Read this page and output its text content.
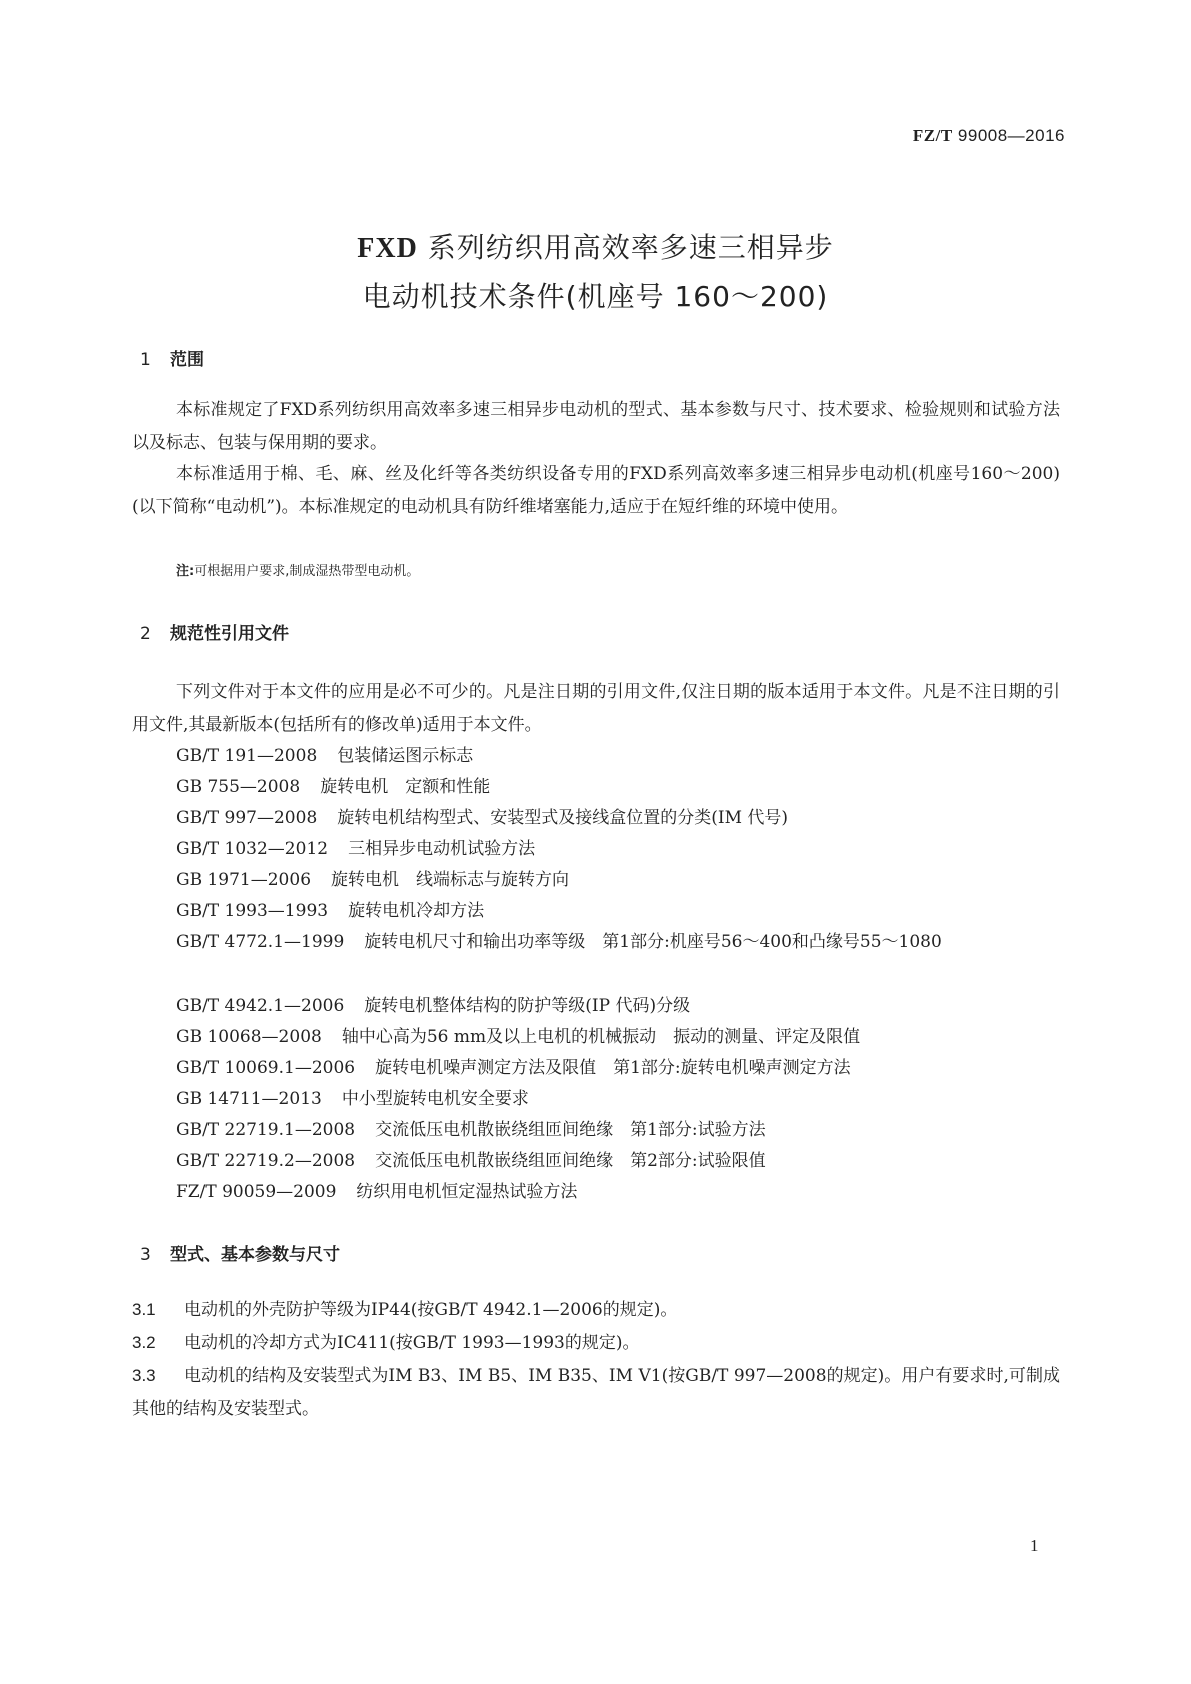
FZ/T 99008—2016
FXD 系列纺织用高效率多速三相异步
电动机技术条件(机座号 160～200)
1 范围
本标准规定了FXD系列纺织用高效率多速三相异步电动机的型式、基本参数与尺寸、技术要求、检验规则和试验方法以及标志、包装与保用期的要求。
本标准适用于棉、毛、麻、丝及化纤等各类纺织设备专用的FXD系列高效率多速三相异步电动机(机座号160～200)(以下简称“电动机”)。本标准规定的电动机具有防纤维堵塞能力,适应于在短纤维的环境中使用。
注:可根据用户要求,制成湿热带型电动机。
2 规范性引用文件
下列文件对于本文件的应用是必不可少的。凡是注日期的引用文件,仅注日期的版本适用于本文件。凡是不注日期的引用文件,其最新版本(包括所有的修改单)适用于本文件。
GB/T 191—2008 包装储运图示标志
GB 755—2008 旋转电机　定额和性能
GB/T 997—2008 旋转电机结构型式、安装型式及接线盒位置的分类(IM 代号)
GB/T 1032—2012 三相异步电动机试验方法
GB 1971—2006 旋转电机　线端标志与旋转方向
GB/T 1993—1993 旋转电机冷却方法
GB/T 4772.1—1999 旋转电机尺寸和输出功率等级　第1部分:机座号56～400和凸缘号55～1080
GB/T 4942.1—2006 旋转电机整体结构的防护等级(IP 代码)分级
GB 10068—2008 轴中心高为56 mm及以上电机的机械振动　振动的测量、评定及限值
GB/T 10069.1—2006 旋转电机噪声测定方法及限值　第1部分:旋转电机噪声测定方法
GB 14711—2013 中小型旋转电机安全要求
GB/T 22719.1—2008 交流低压电机散嵌绕组匝间绝缘　第1部分:试验方法
GB/T 22719.2—2008 交流低压电机散嵌绕组匝间绝缘　第2部分:试验限值
FZ/T 90059—2009 纺织用电机恒定湿热试验方法
3 型式、基本参数与尺寸
3.1 电动机的外壳防护等级为IP44(按GB/T 4942.1—2006的规定)。
3.2 电动机的冷却方式为IC411(按GB/T 1993—1993的规定)。
3.3 电动机的结构及安装型式为IM B3、IM B5、IM B35、IM V1(按GB/T 997—2008的规定)。用户有要求时,可制成其他的结构及安装型式。
1
